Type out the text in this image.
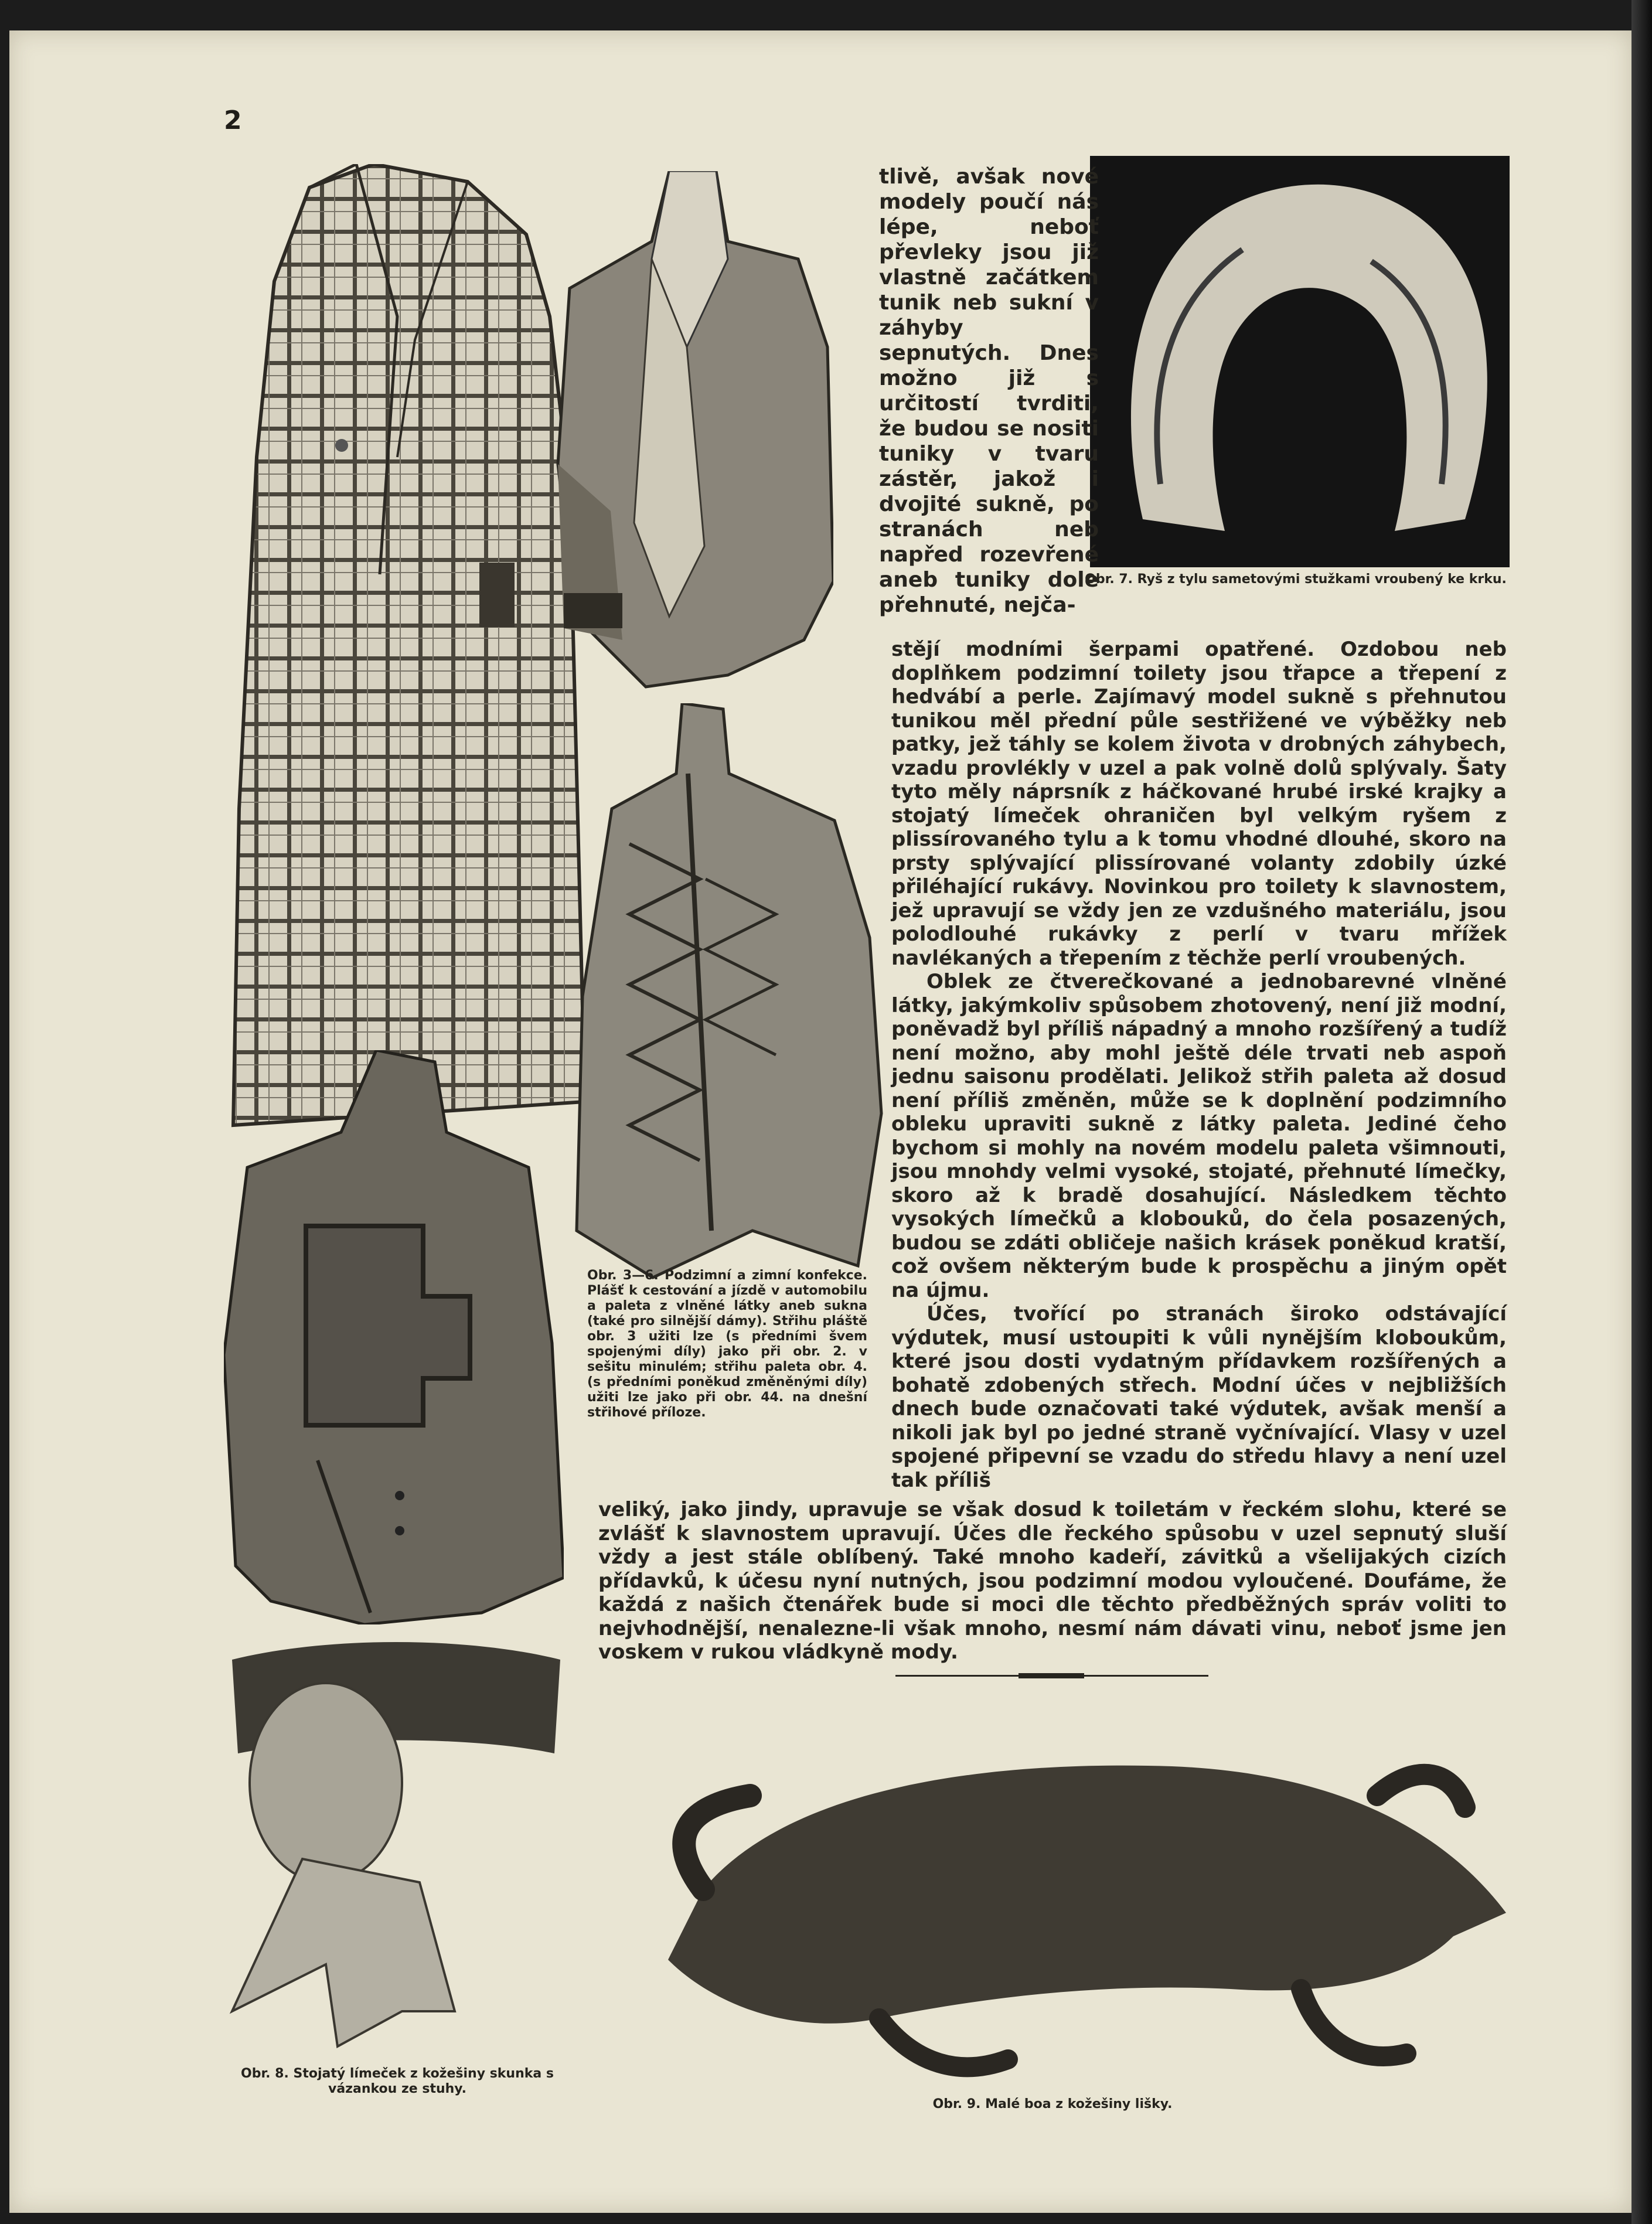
2
Obr. 7. Ryš z tylu sametovými stužkami vroubený ke krku.
Obr. 3—6. Podzimní a zimní konfekce. Plášť k cestování a jízdě v automobilu a paleta z vlněné látky aneb sukna (také pro silnější dámy). Střihu pláště obr. 3 užiti lze (s předními švem spojenými díly) jako při obr. 2. v sešitu minulém; střihu paleta obr. 4. (s předními poněkud změněnými díly) užiti lze jako při obr. 44. na dnešní střihové příloze.
tlivě, avšak nové modely poučí nás lépe, neboť převleky jsou již vlastně začátkem tunik neb sukní v záhyby sepnutých. Dnes možno již s určitostí tvrditi, že budou se nositi tuniky v tvaru zástěr, jakož i dvojité sukně, po stranách neb napřed rozevřené aneb tuniky dole přehnuté, nejča-
stějí modními šerpami opatřené. Ozdobou neb doplňkem podzimní toilety jsou třapce a třepení z hedvábí a perle. Zajímavý model sukně s přehnutou tunikou měl přední půle sestřižené ve výběžky neb patky, jež táhly se kolem života v drobných záhybech, vzadu provlékly v uzel a pak volně dolů splývaly. Šaty tyto měly náprsník z háčkované hrubé irské krajky a stojatý límeček ohraničen byl velkým ryšem z plissírovaného tylu a k tomu vhodné dlouhé, skoro na prsty splývající plissírované volanty zdobily úzké přiléhající rukávy. Novinkou pro toilety k slavnostem, jež upravují se vždy jen ze vzdušného materiálu, jsou polodlouhé rukávky z perlí v tvaru mřížek navlékaných a třepením z těchže perlí vroubených.
Oblek ze čtverečkované a jednobarevné vlněné látky, jakýmkoliv spůsobem zhotovený, není již modní, poněvadž byl příliš nápadný a mnoho rozšířený a tudíž není možno, aby mohl ještě déle trvati neb aspoň jednu saisonu prodělati. Jelikož střih paleta až dosud není příliš změněn, může se k doplnění podzimního obleku upraviti sukně z látky paleta. Jediné čeho bychom si mohly na novém modelu paleta všimnouti, jsou mnohdy velmi vysoké, stojaté, přehnuté límečky, skoro až k bradě dosahující. Následkem těchto vysokých límečků a klobouků, do čela posazených, budou se zdáti obličeje našich krásek poněkud kratší, což ovšem některým bude k prospěchu a jiným opět na újmu.
Účes, tvořící po stranách široko odstávající výdutek, musí ustoupiti k vůli nynějším kloboukům, které jsou dosti vydatným přídavkem rozšířených a bohatě zdobených střech. Modní účes v nejbližších dnech bude označovati také výdutek, avšak menší a nikoli jak byl po jedné straně vyčnívající. Vlasy v uzel spojené připevní se vzadu do středu hlavy a není uzel tak příliš
veliký, jako jindy, upravuje se však dosud k toiletám v řeckém slohu, které se zvlášť k slavnostem upravují. Účes dle řeckého spůsobu v uzel sepnutý sluší vždy a jest stále oblíbený. Také mnoho kadeří, závitků a všelijakých cizích přídavků, k účesu nyní nutných, jsou podzimní modou vyloučené. Doufáme, že každá z našich čtenářek bude si moci dle těchto předběžných správ voliti to nejvhodnější, nenalezne-li však mnoho, nesmí nám dávati vinu, neboť jsme jen voskem v rukou vládkyně mody.
Obr. 8. Stojatý límeček z kožešiny skunka s vázankou ze stuhy.
Obr. 9. Malé boa z kožešiny lišky.
